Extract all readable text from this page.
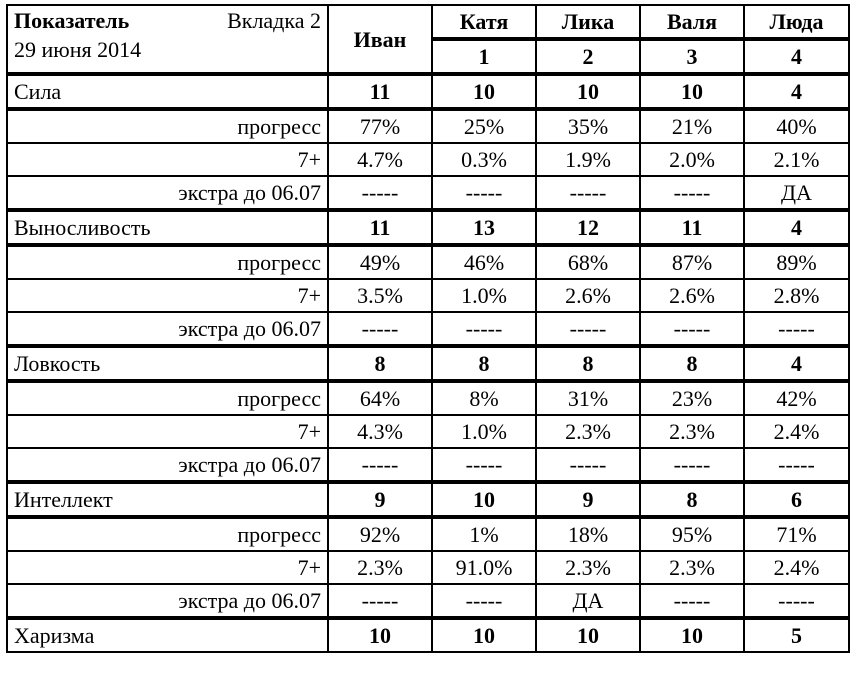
Показатель Вкладка 2
29 июня 2014	Иван	Катя	Лика	Валя	Люда
		1	2	3	4
Сила	11	10	10	10	4
прогресс	77%	25%	35%	21%	40%
7+	4.7%	0.3%	1.9%	2.0%	2.1%
экстра до 06.07	-----	-----	-----	-----	ДА
Выносливость	11	13	12	11	4
прогресс	49%	46%	68%	87%	89%
7+	3.5%	1.0%	2.6%	2.6%	2.8%
экстра до 06.07	-----	-----	-----	-----	-----
Ловкость	8	8	8	8	4
прогресс	64%	8%	31%	23%	42%
7+	4.3%	1.0%	2.3%	2.3%	2.4%
экстра до 06.07	-----	-----	-----	-----	-----
Интеллект	9	10	9	8	6
прогресс	92%	1%	18%	95%	71%
7+	2.3%	91.0%	2.3%	2.3%	2.4%
экстра до 06.07	-----	-----	ДА	-----	-----
Харизма	10	10	10	10	5
